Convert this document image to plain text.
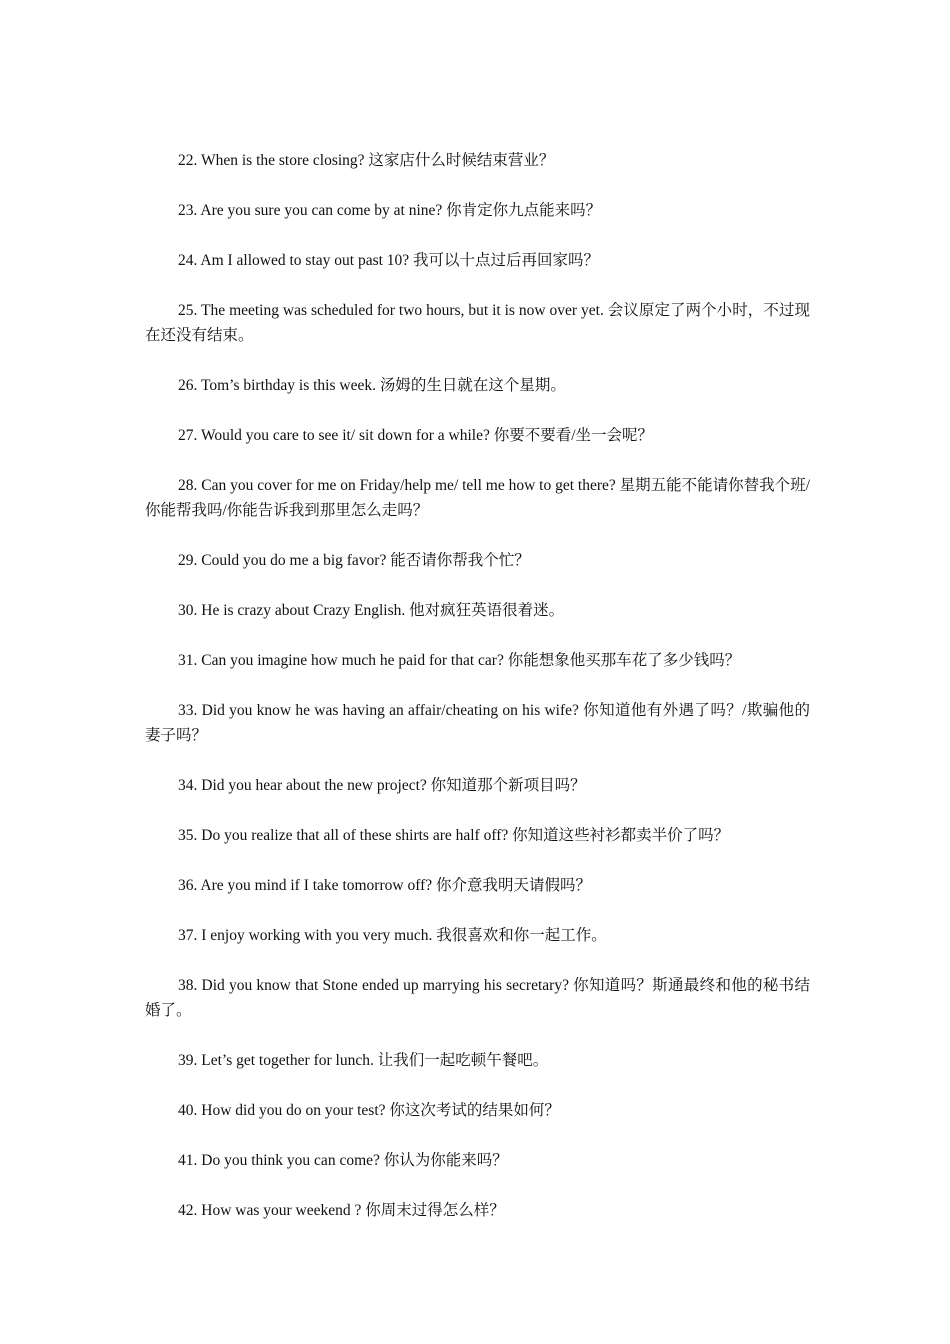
22. When is the store closing? 这家店什么时候结束营业？

23. Are you sure you can come by at nine? 你肯定你九点能来吗？

24. Am I allowed to stay out past 10? 我可以十点过后再回家吗？

25. The meeting was scheduled for two hours, but it is now over yet. 会议原定了两个小时，不过现在还没有结束。

26. Tom’s birthday is this week. 汤姆的生日就在这个星期。

27. Would you care to see it/ sit down for a while? 你要不要看/坐一会呢？

28. Can you cover for me on Friday/help me/ tell me how to get there? 星期五能不能请你替我个班/你能帮我吗/你能告诉我到那里怎么走吗？

29. Could you do me a big favor? 能否请你帮我个忙？

30. He is crazy about Crazy English. 他对疯狂英语很着迷。

31. Can you imagine how much he paid for that car? 你能想象他买那车花了多少钱吗？

33. Did you know he was having an affair/cheating on his wife? 你知道他有外遇了吗？/欺骗他的妻子吗？

34. Did you hear about the new project? 你知道那个新项目吗？

35. Do you realize that all of these shirts are half off? 你知道这些衬衫都卖半价了吗？

36. Are you mind if I take tomorrow off? 你介意我明天请假吗？

37. I enjoy working with you very much. 我很喜欢和你一起工作。

38. Did you know that Stone ended up marrying his secretary? 你知道吗？斯通最终和他的秘书结婚了。

39. Let’s get together for lunch. 让我们一起吃顿午餐吧。

40. How did you do on your test? 你这次考试的结果如何？

41. Do you think you can come? 你认为你能来吗？

42. How was your weekend ? 你周末过得怎么样？
